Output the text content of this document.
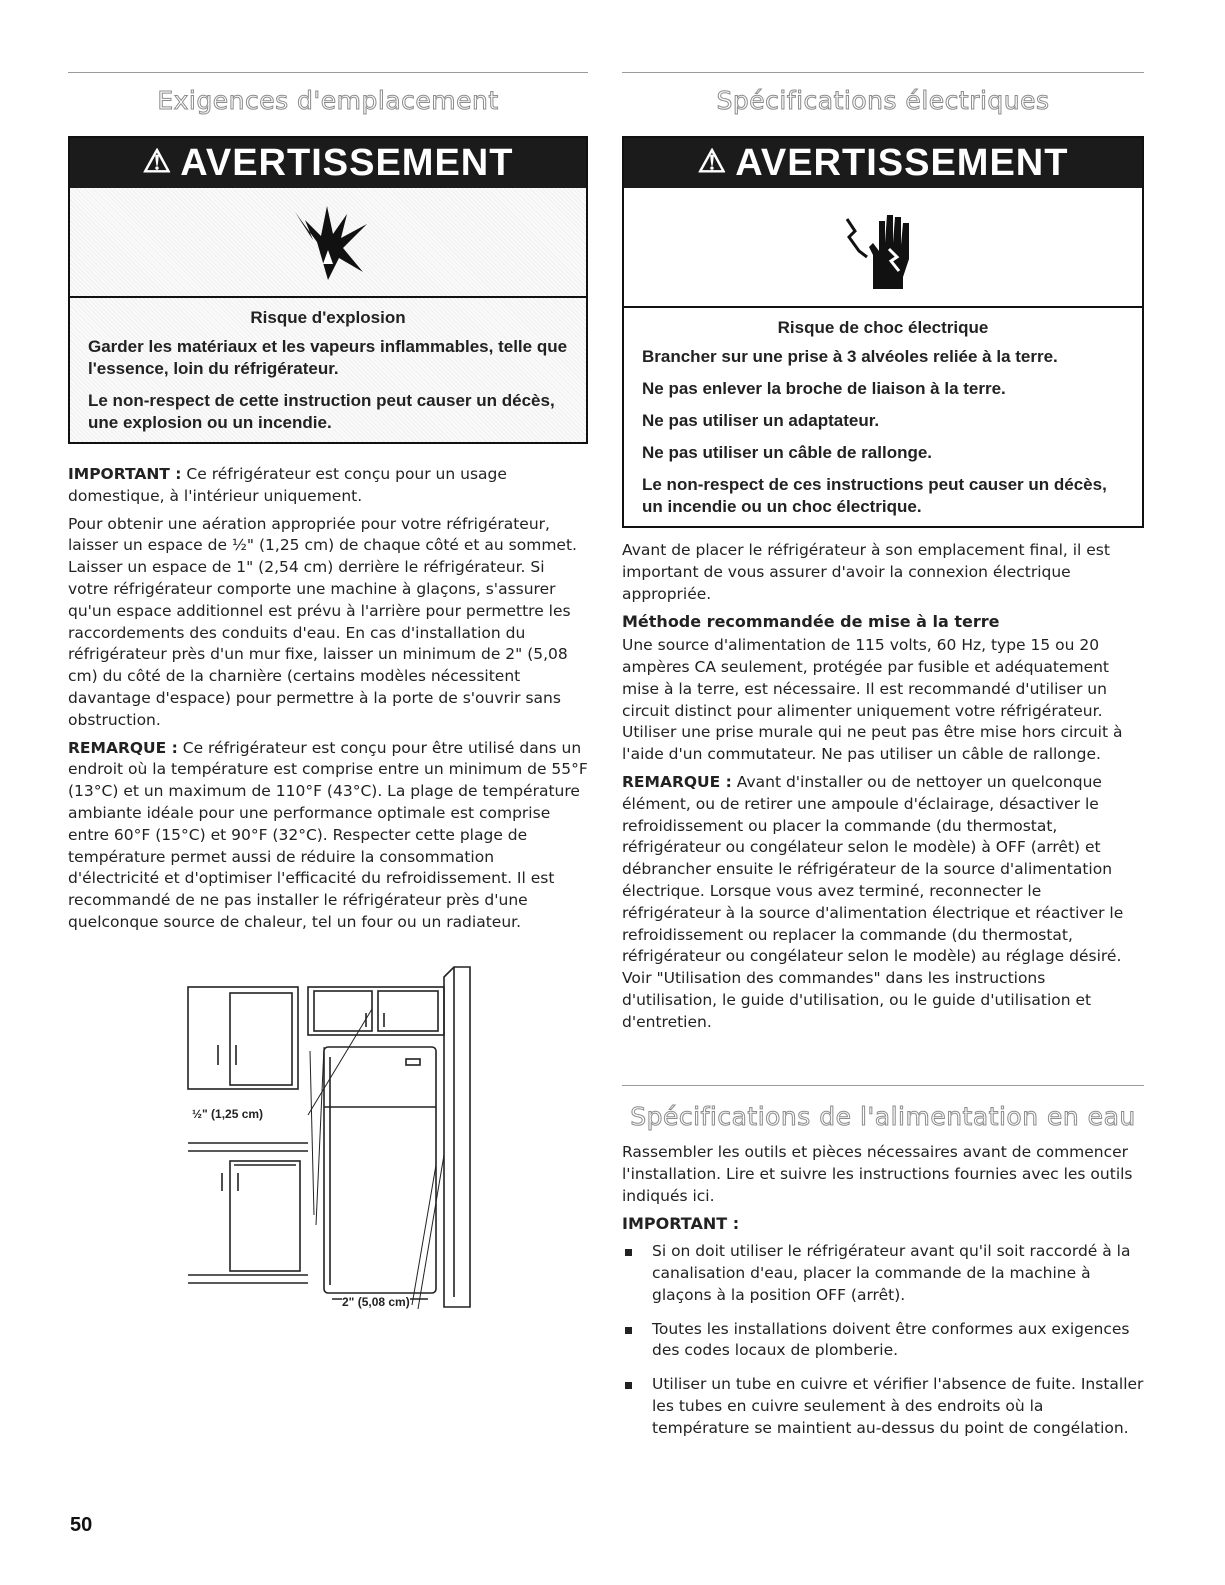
Exigences d'emplacement
⚠ AVERTISSEMENT
Risque d'explosion

Garder les matériaux et les vapeurs inflammables, telle que l'essence, loin du réfrigérateur.

Le non-respect de cette instruction peut causer un décès, une explosion ou un incendie.

IMPORTANT : Ce réfrigérateur est conçu pour un usage domestique, à l'intérieur uniquement.

Pour obtenir une aération appropriée pour votre réfrigérateur, laisser un espace de ½" (1,25 cm) de chaque côté et au sommet. Laisser un espace de 1" (2,54 cm) derrière le réfrigérateur. Si votre réfrigérateur comporte une machine à glaçons, s'assurer qu'un espace additionnel est prévu à l'arrière pour permettre les raccordements des conduits d'eau. En cas d'installation du réfrigérateur près d'un mur fixe, laisser un minimum de 2" (5,08 cm) du côté de la charnière (certains modèles nécessitent davantage d'espace) pour permettre à la porte de s'ouvrir sans obstruction.

REMARQUE : Ce réfrigérateur est conçu pour être utilisé dans un endroit où la température est comprise entre un minimum de 55°F (13°C) et un maximum de 110°F (43°C). La plage de température ambiante idéale pour une performance optimale est comprise entre 60°F (15°C) et 90°F (32°C). Respecter cette plage de température permet aussi de réduire la consommation d'électricité et d'optimiser l'efficacité du refroidissement. Il est recommandé de ne pas installer le réfrigérateur près d'une quelconque source de chaleur, tel un four ou un radiateur.

½" (1,25 cm)
2" (5,08 cm)
Spécifications électriques
⚠ AVERTISSEMENT
Risque de choc électrique

Brancher sur une prise à 3 alvéoles reliée à la terre.

Ne pas enlever la broche de liaison à la terre.

Ne pas utiliser un adaptateur.

Ne pas utiliser un câble de rallonge.

Le non-respect de ces instructions peut causer un décès, un incendie ou un choc électrique.

Avant de placer le réfrigérateur à son emplacement final, il est important de vous assurer d'avoir la connexion électrique appropriée.

Méthode recommandée de mise à la terre

Une source d'alimentation de 115 volts, 60 Hz, type 15 ou 20 ampères CA seulement, protégée par fusible et adéquatement mise à la terre, est nécessaire. Il est recommandé d'utiliser un circuit distinct pour alimenter uniquement votre réfrigérateur. Utiliser une prise murale qui ne peut pas être mise hors circuit à l'aide d'un commutateur. Ne pas utiliser un câble de rallonge.

REMARQUE : Avant d'installer ou de nettoyer un quelconque élément, ou de retirer une ampoule d'éclairage, désactiver le refroidissement ou placer la commande (du thermostat, réfrigérateur ou congélateur selon le modèle) à OFF (arrêt) et débrancher ensuite le réfrigérateur de la source d'alimentation électrique. Lorsque vous avez terminé, reconnecter le réfrigérateur à la source d'alimentation électrique et réactiver le refroidissement ou replacer la commande (du thermostat, réfrigérateur ou congélateur selon le modèle) au réglage désiré. Voir "Utilisation des commandes" dans les instructions d'utilisation, le guide d'utilisation, ou le guide d'utilisation et d'entretien.

Spécifications de l'alimentation en eau

Rassembler les outils et pièces nécessaires avant de commencer l'installation. Lire et suivre les instructions fournies avec les outils indiqués ici.

IMPORTANT :
Si on doit utiliser le réfrigérateur avant qu'il soit raccordé à la canalisation d'eau, placer la commande de la machine à glaçons à la position OFF (arrêt).
Toutes les installations doivent être conformes aux exigences des codes locaux de plomberie.
Utiliser un tube en cuivre et vérifier l'absence de fuite. Installer les tubes en cuivre seulement à des endroits où la température se maintient au-dessus du point de congélation.
50
